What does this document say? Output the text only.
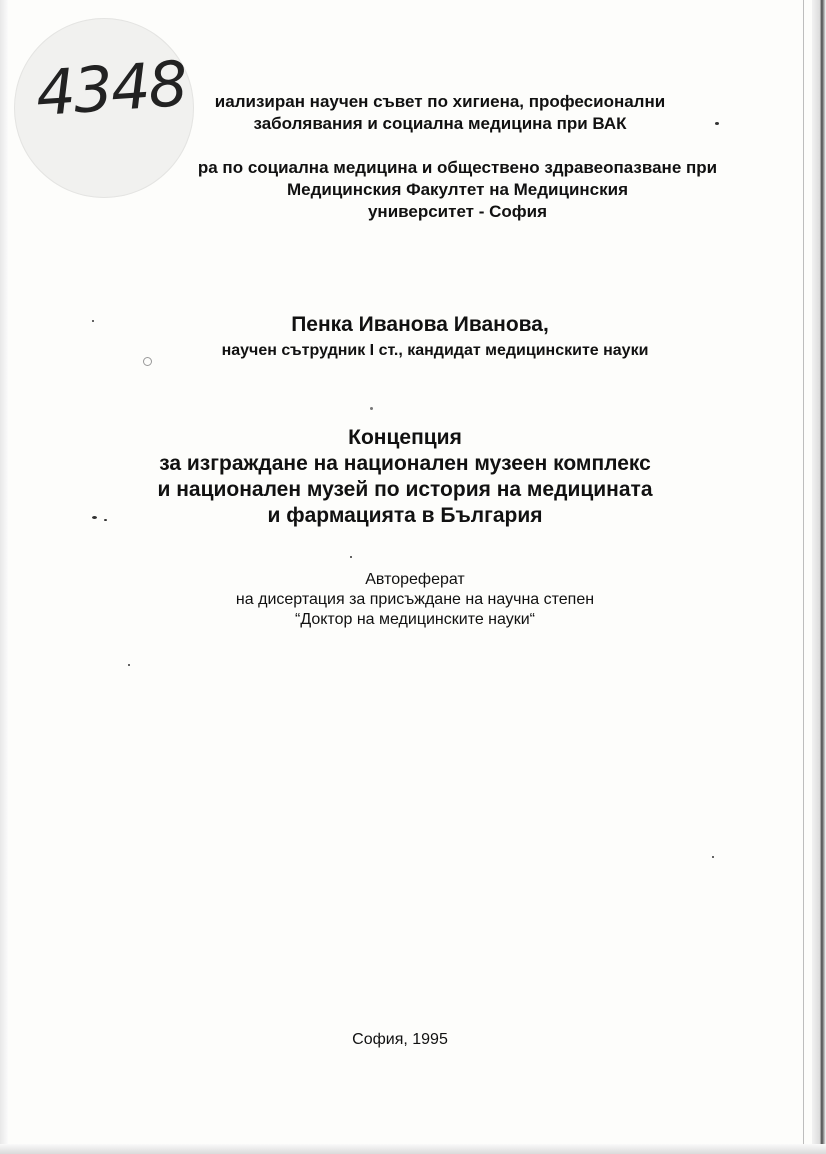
4348	иализиран научен съвет по хигиена, професионални
заболявания и социална медицина при ВАК
ра по социална медицина и обществено здравеопазване при
Медицинския Факултет на Медицинския
университет - София
Пенка Иванова Иванова,
научен сътрудник I ст., кандидат медицинските науки
Концепция
за изграждане на национален музеен комплекс
и национален музей по история на медицината
и фармацията в България
Автореферат
на дисертация за присъждане на научна степен
“Доктор на медицинските науки“
София, 1995
